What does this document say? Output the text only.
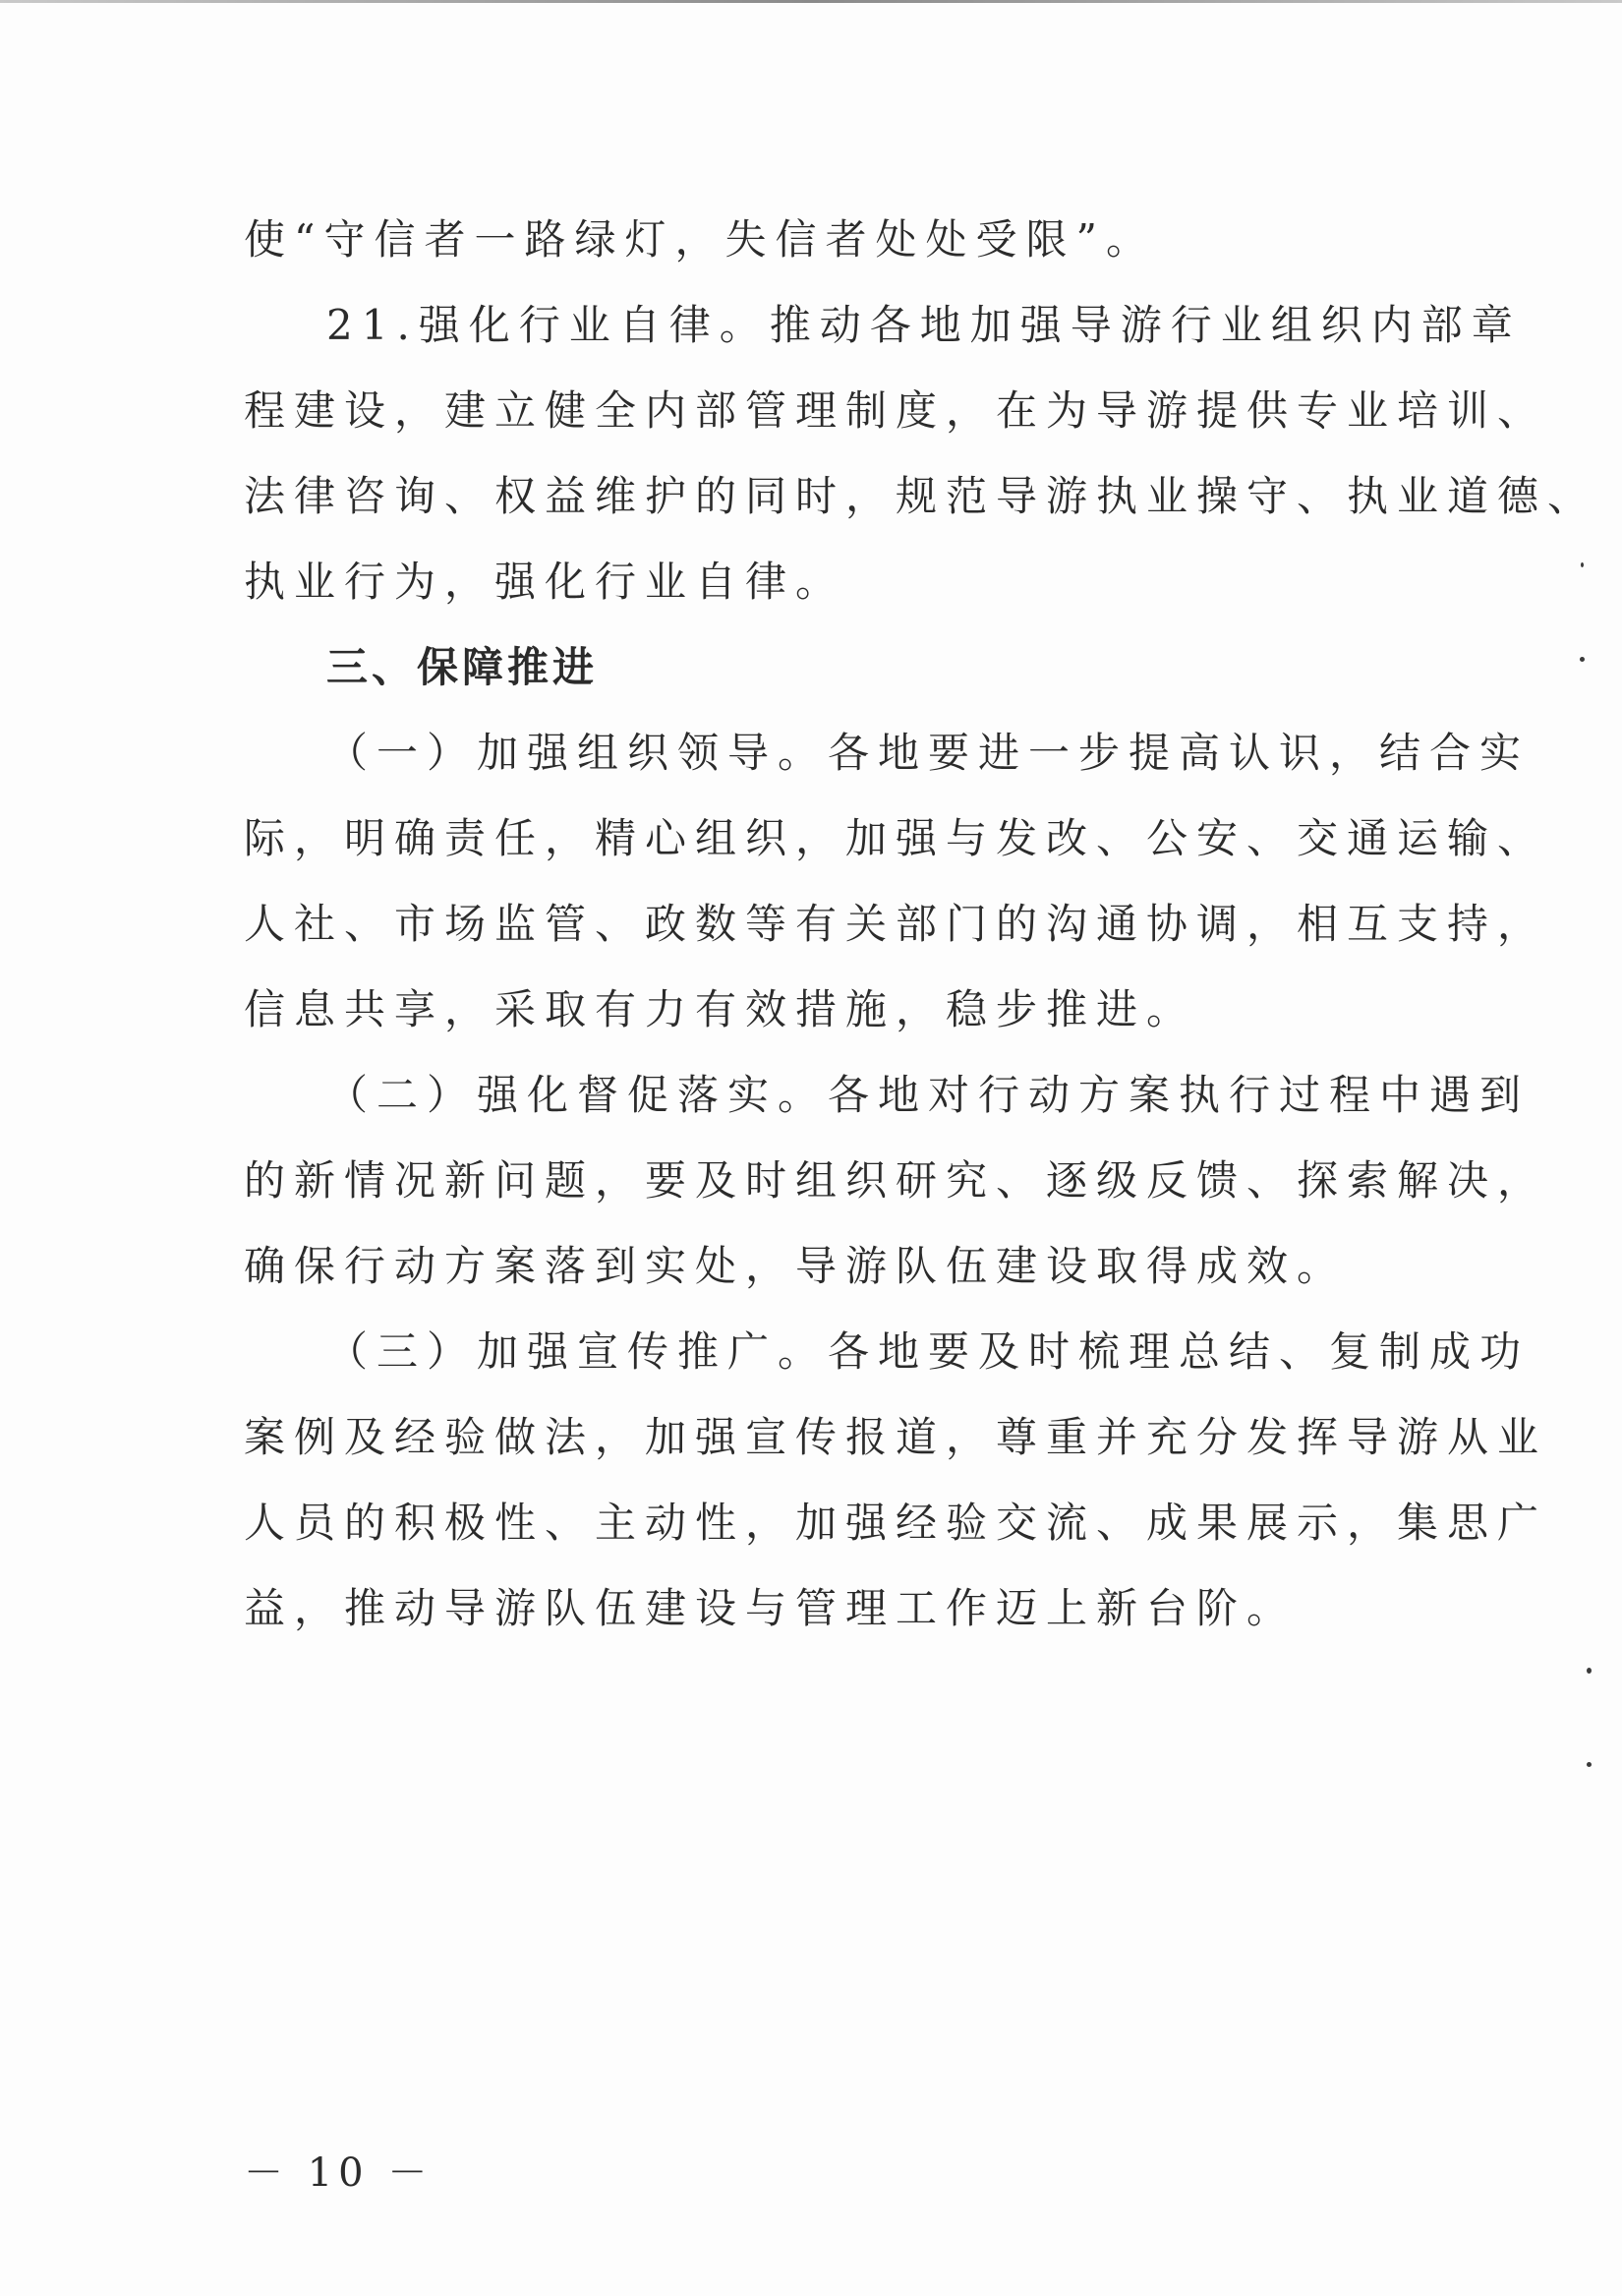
使“守信者一路绿灯，失信者处处受限”。
21.强化行业自律。推动各地加强导游行业组织内部章
程建设，建立健全内部管理制度，在为导游提供专业培训、
法律咨询、权益维护的同时，规范导游执业操守、执业道德、
执业行为，强化行业自律。
三、保障推进
（一）加强组织领导。各地要进一步提高认识，结合实
际，明确责任，精心组织，加强与发改、公安、交通运输、
人社、市场监管、政数等有关部门的沟通协调，相互支持，
信息共享，采取有力有效措施，稳步推进。
（二）强化督促落实。各地对行动方案执行过程中遇到
的新情况新问题，要及时组织研究、逐级反馈、探索解决，
确保行动方案落到实处，导游队伍建设取得成效。
（三）加强宣传推广。各地要及时梳理总结、复制成功
案例及经验做法，加强宣传报道，尊重并充分发挥导游从业
人员的积极性、主动性，加强经验交流、成果展示，集思广
益，推动导游队伍建设与管理工作迈上新台阶。
－ 10 －
